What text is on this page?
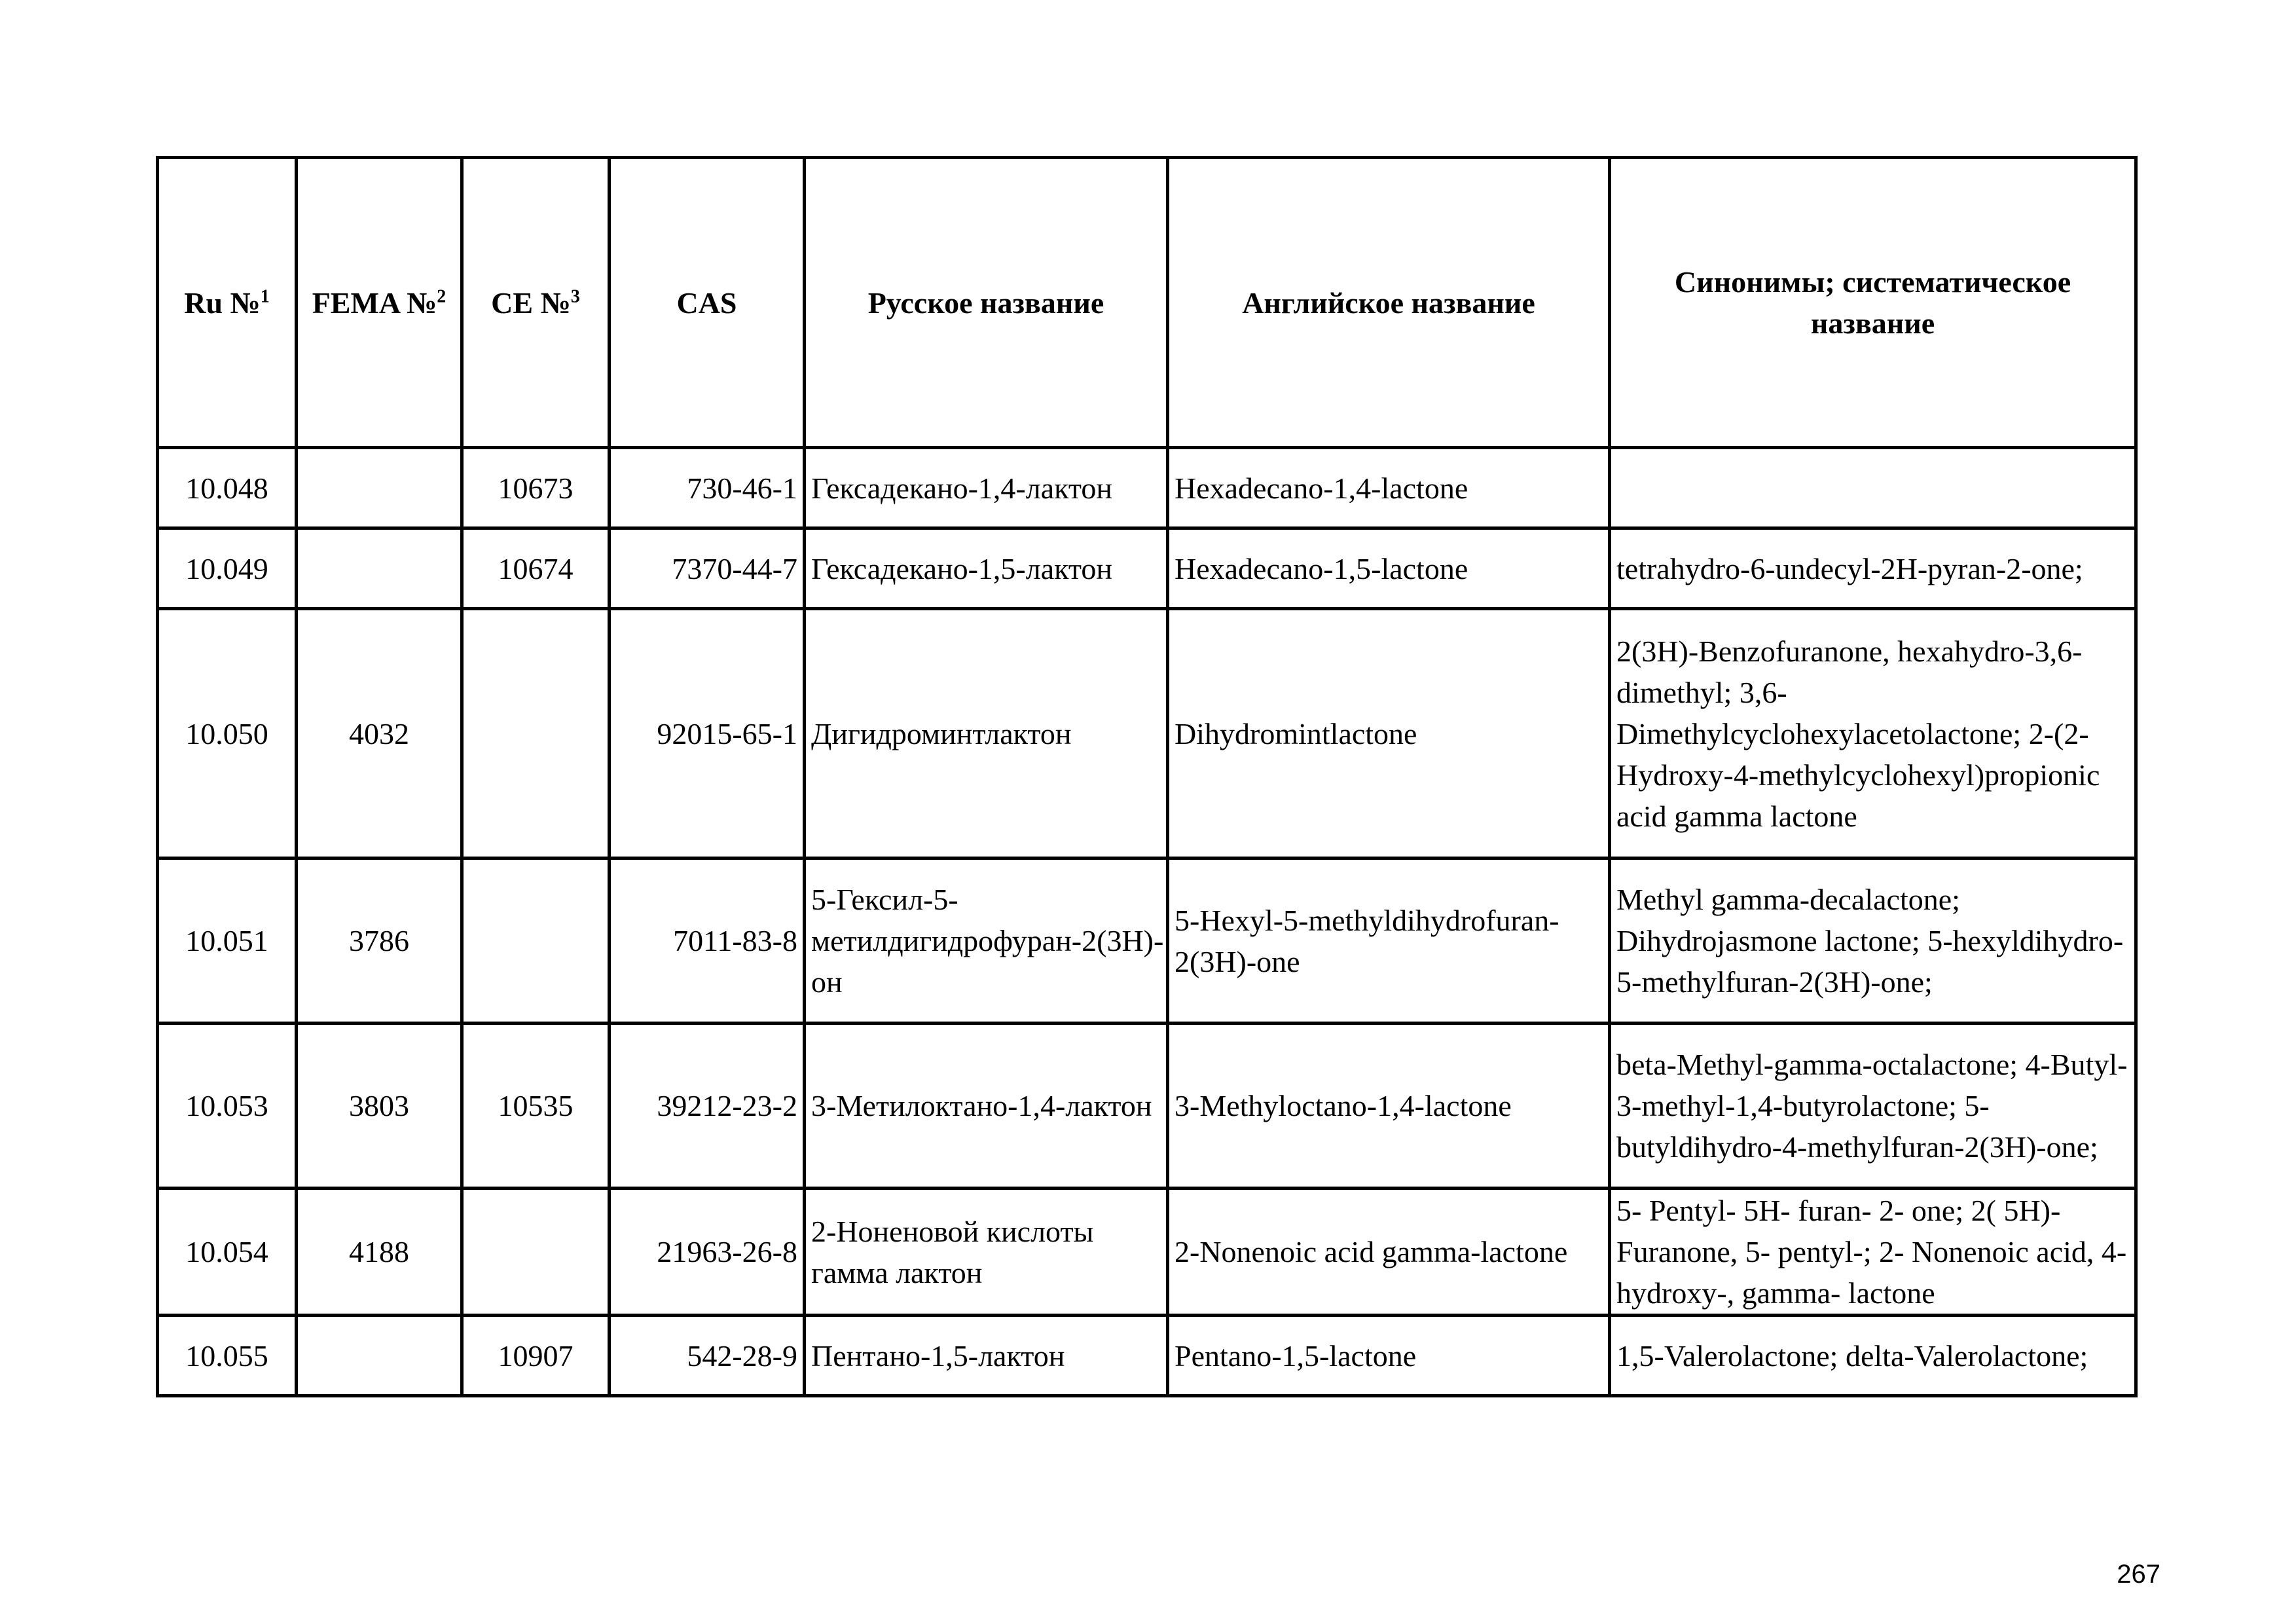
Ru №$^1$	FEMA №$^2$	CE №$^3$	CAS	Русское название	Английское название	Синонимы; систематическое название
10.048		10673	730-46-1	Гексадекано-1,4-лактон	Hexadecano-1,4-lactone	
10.049		10674	7370-44-7	Гексадекано-1,5-лактон	Hexadecano-1,5-lactone	tetrahydro-6-undecyl-2H-pyran-2-one;
10.050	4032		92015-65-1	Дигидроминтлактон	Dihydromintlactone	2(3H)-Benzofuranone, hexahydro-3,6-dimethyl; 3,6-Dimethylcyclohexylacetolactone; 2-(2-Hydroxy-4-methylcyclohexyl)propionic acid gamma lactone
10.051	3786		7011-83-8	5-Гексил-5-метилдигидрофуран-2(3Н)-он	5-Hexyl-5-methyldihydrofuran-2(3H)-one	Methyl gamma-decalactone; Dihydrojasmone lactone; 5-hexyldihydro-5-methylfuran-2(3H)-one;
10.053	3803	10535	39212-23-2	3-Метилоктано-1,4-лактон	3-Methyloctano-1,4-lactone	beta-Methyl-gamma-octalactone; 4-Butyl-3-methyl-1,4-butyrolactone; 5-butyldihydro-4-methylfuran-2(3H)-one;
10.054	4188		21963-26-8	2-Ноненовой кислоты гамма лактон	2-Nonenoic acid gamma-lactone	5- Pentyl- 5H- furan- 2- one; 2( 5H)-Furanone, 5- pentyl-; 2- Nonenoic acid, 4- hydroxy-, gamma- lactone
10.055		10907	542-28-9	Пентано-1,5-лактон	Pentano-1,5-lactone	1,5-Valerolactone; delta-Valerolactone;
267
